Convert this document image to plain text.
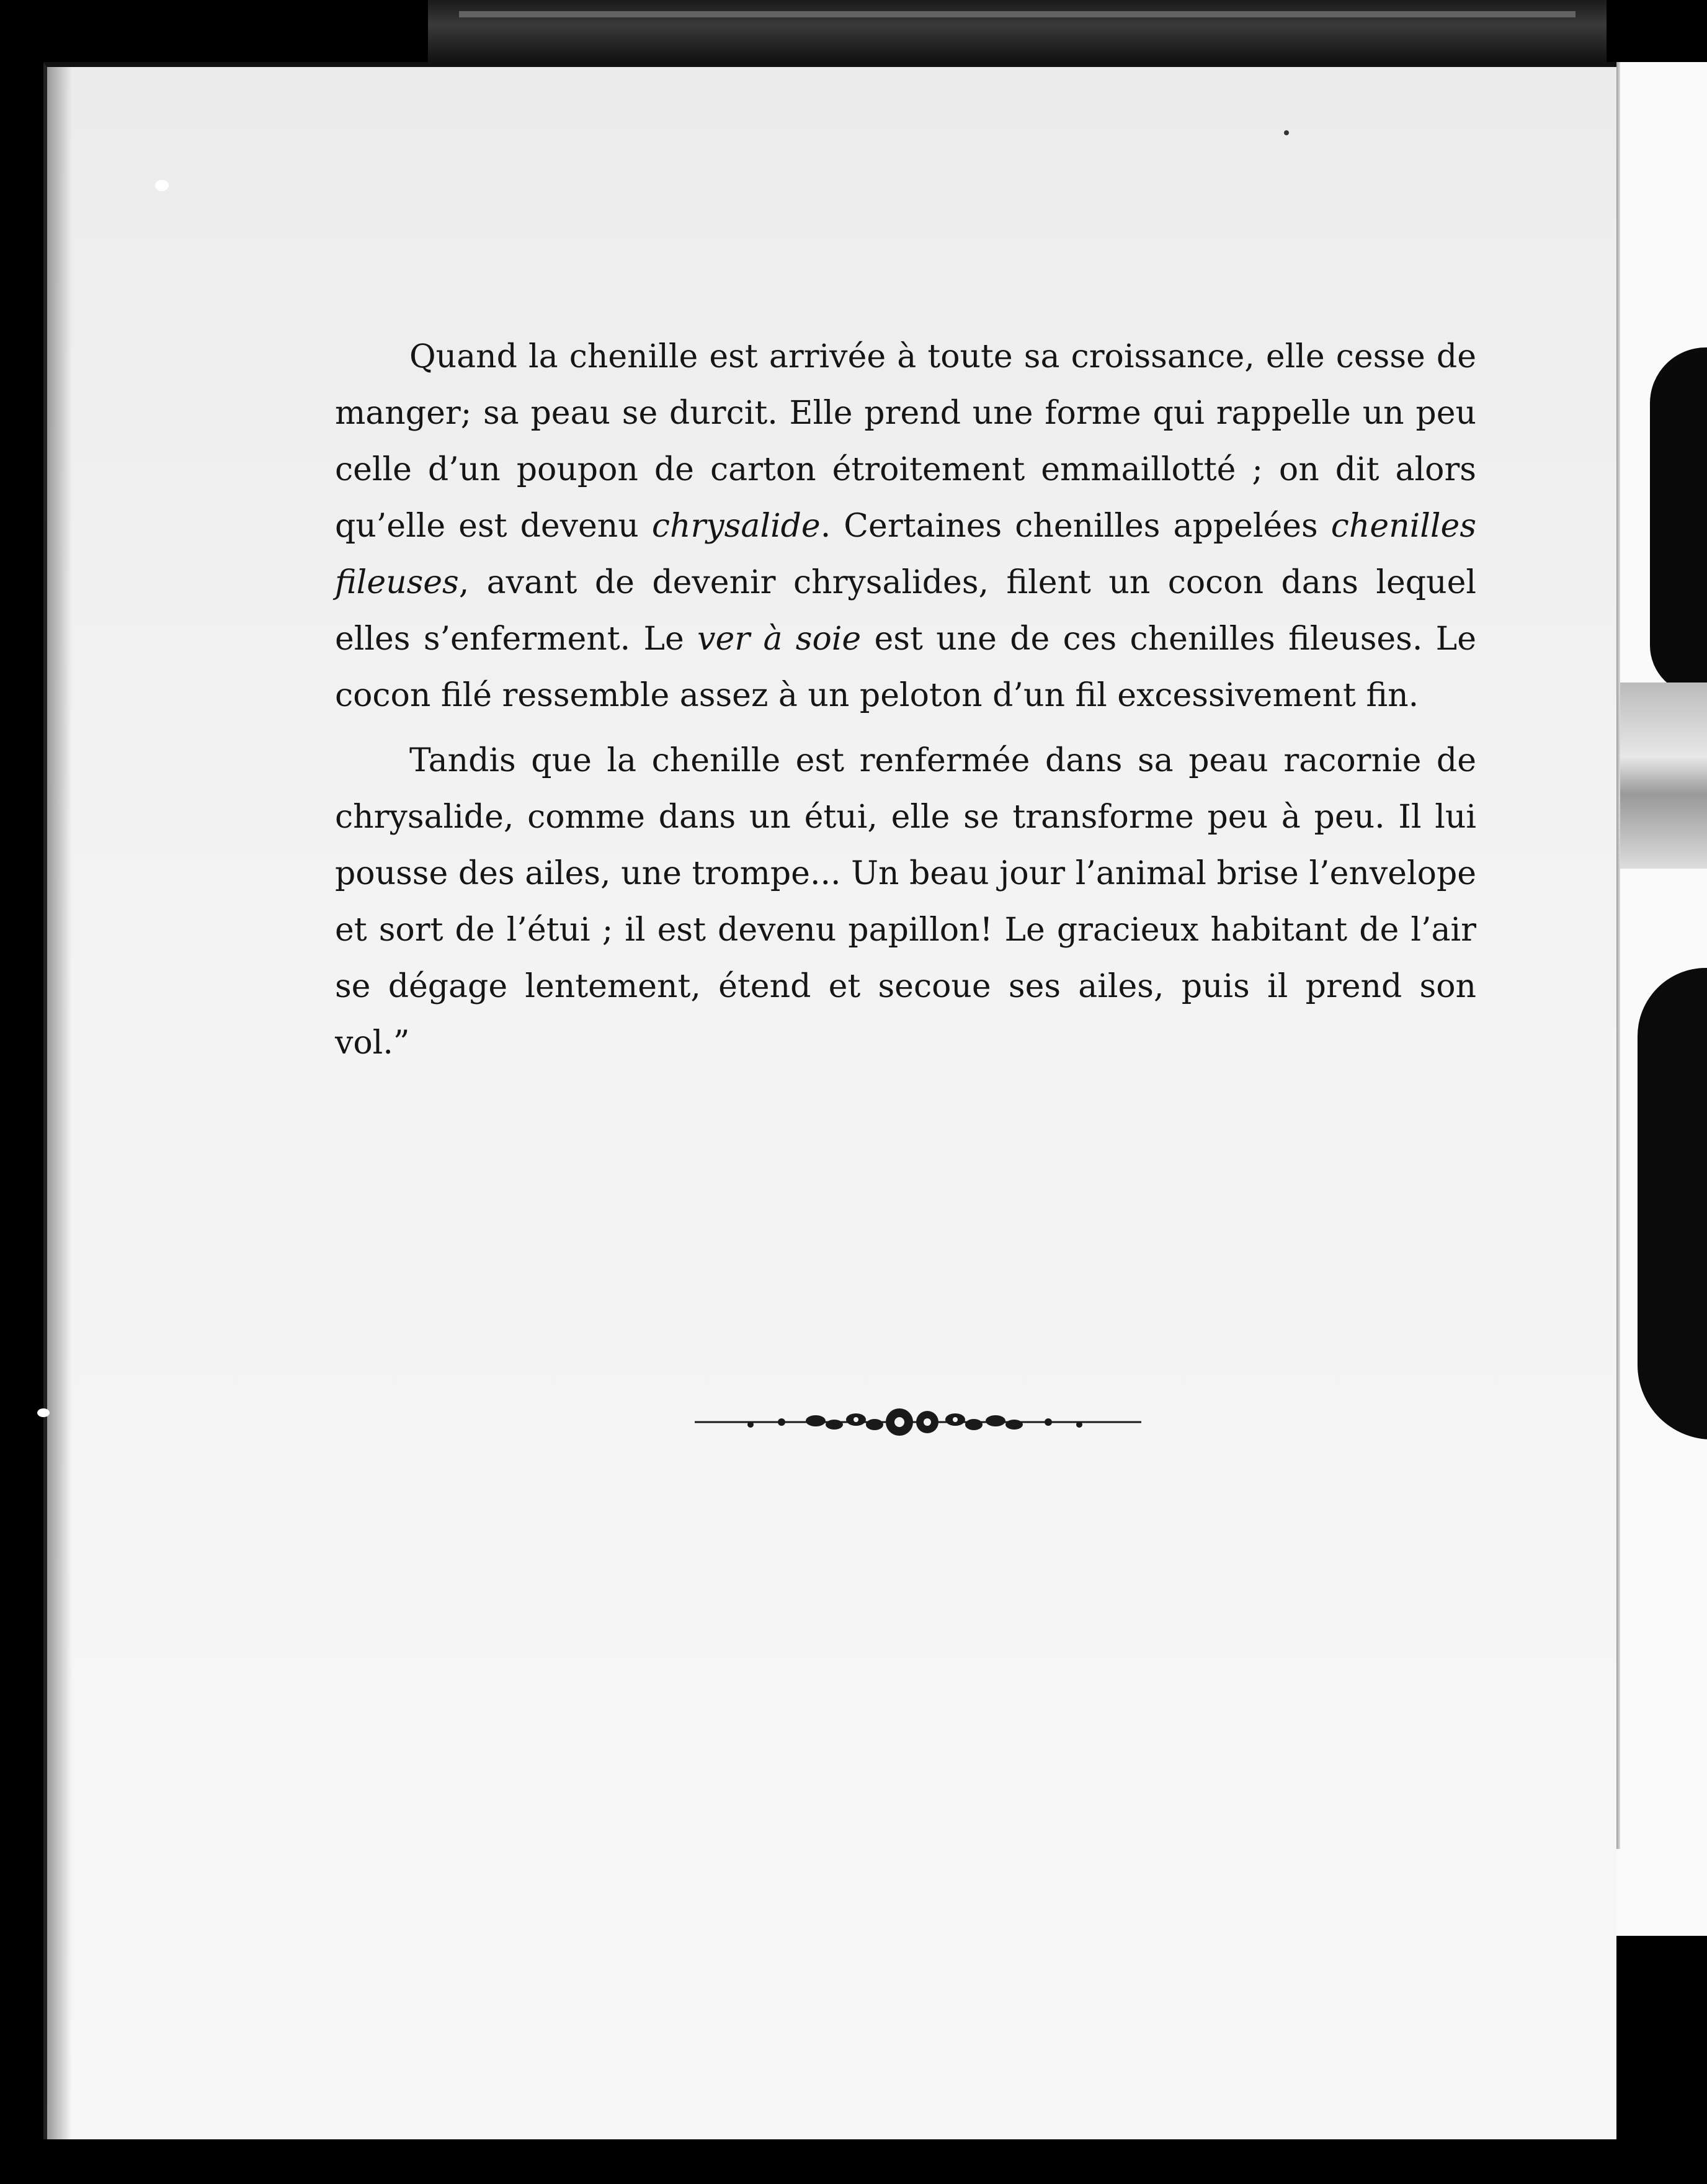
Quand la chenille est arrivée à toute sa croissance, elle cesse de manger; sa peau se durcit. Elle prend une forme qui rappelle un peu celle d’un poupon de carton étroitement emmaillotté ; on dit alors qu’elle est devenu chrysalide. Certaines chenilles appelées chenilles fileuses, avant de devenir chrysalides, filent un cocon dans lequel elles s’enferment. Le ver à soie est une de ces chenilles fileuses. Le cocon filé ressemble assez à un peloton d’un fil excessivement fin.

Tandis que la chenille est renfermée dans sa peau racornie de chrysalide, comme dans un étui, elle se transforme peu à peu. Il lui pousse des ailes, une trompe... Un beau jour l’animal brise l’envelope et sort de l’étui ; il est devenu papillon! Le gracieux habitant de l’air se dégage lentement, étend et secoue ses ailes, puis il prend son vol.”
